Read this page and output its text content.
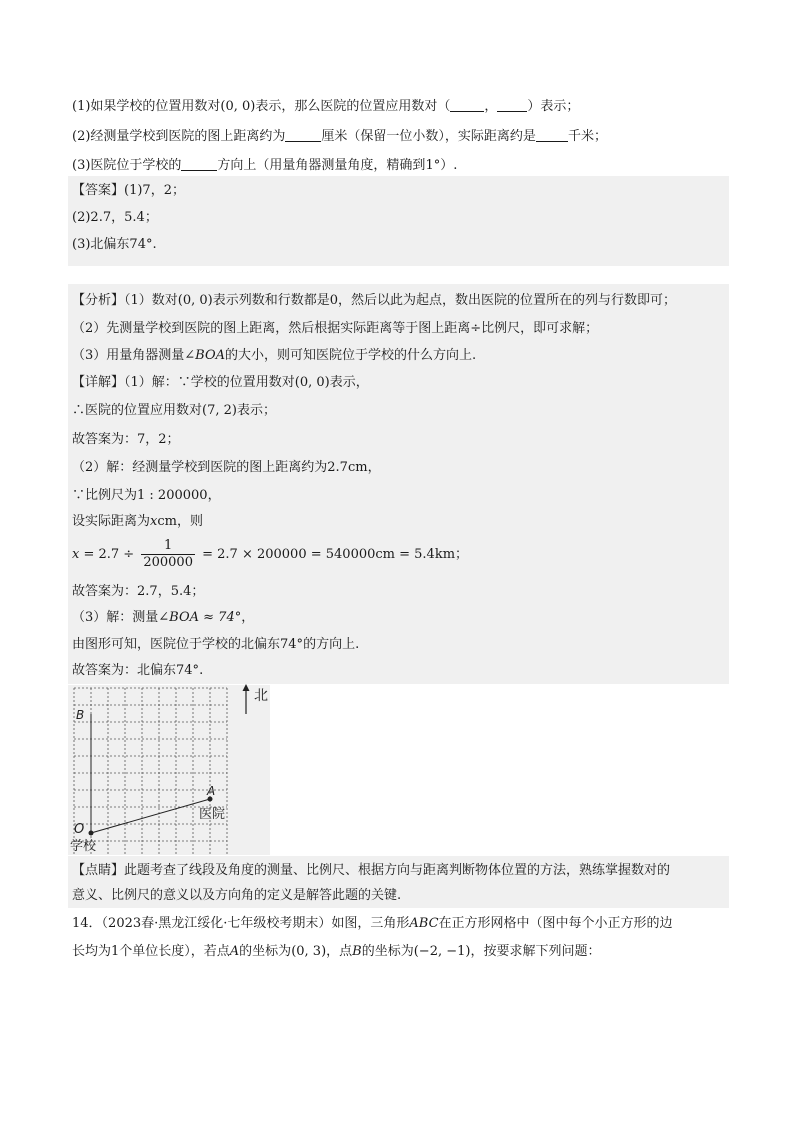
(1)如果学校的位置用数对(0, 0)表示，那么医院的位置应用数对（	， ）表示；
(2)经测量学校到医院的图上距离约为	厘米（保留一位小数），实际距离约是 千米；
(3)医院位于学校的	方向上（用量角器测量角度，精确到1°）.
【答案】(1)7，2；
(2)2.7，5.4；
(3)北偏东74°.
【分析】（1）数对(0, 0)表示列数和行数都是0，然后以此为起点，数出医院的位置所在的列与行数即可；
（2）先测量学校到医院的图上距离，然后根据实际距离等于图上距离÷比例尺，即可求解；
（3）用量角器测量∠BOA的大小，则可知医院位于学校的什么方向上.
【详解】（1）解：∵学校的位置用数对(0, 0)表示，
∴医院的位置应用数对(7, 2)表示；
故答案为：7，2；
（2）解：经测量学校到医院的图上距离约为2.7cm，
∵比例尺为1 : 200000，
设实际距离为xcm，则
$x = 2.7 \div \frac{1}{200000} = 2.7 \times 200000 = 540000cm = 5.4km$；
故答案为：2.7，5.4；
（3）解：测量∠BOA ≈ 74°，
由图形可知，医院位于学校的北偏东74°的方向上.
故答案为：北偏东74°.
B
A
医院
O
学校
北
【点睛】此题考查了线段及角度的测量、比例尺、根据方向与距离判断物体位置的方法，熟练掌握数对的
意义、比例尺的意义以及方向角的定义是解答此题的关键.
14．（2023春·黑龙江绥化·七年级校考期末）如图，三角形ABC在正方形网格中（图中每个小正方形的边
长均为1个单位长度），若点A的坐标为(0, 3)，点B的坐标为(−2, −1)，按要求解下列问题：
